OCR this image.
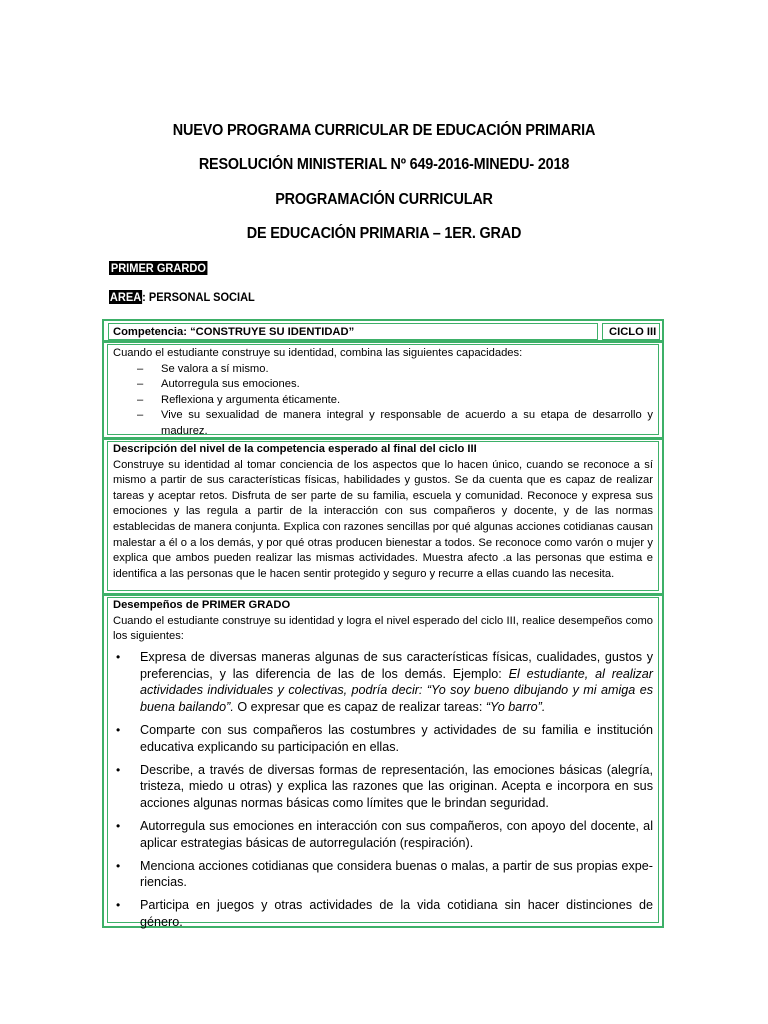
NUEVO PROGRAMA CURRICULAR DE EDUCACIÓN PRIMARIA
RESOLUCIÓN MINISTERIAL Nº 649-2016-MINEDU- 2018
PROGRAMACIÓN CURRICULAR
DE EDUCACIÓN PRIMARIA – 1ER. GRAD
PRIMER GRARDO
AREA: PERSONAL SOCIAL
Competencia: “CONSTRUYE SU IDENTIDAD”	CICLO III
Cuando el estudiante construye su identidad, combina las siguientes capacidades:
– Se valora a sí mismo.
– Autorregula sus emociones.
– Reflexiona y argumenta éticamente.
– Vive su sexualidad de manera integral y responsable de acuerdo a su etapa de desarrollo y madurez.
Descripción del nivel de la competencia esperado al final del ciclo III
Construye su identidad al tomar conciencia de los aspectos que lo hacen único, cuando se reconoce a sí mismo a partir de sus características físicas, habilidades y gustos. Se da cuenta que es capaz de realizar tareas y aceptar retos. Disfruta de ser parte de su familia, escuela y comunidad. Reconoce y expresa sus emociones y las regula a partir de la interacción con sus compañeros y docente, y de las normas establecidas de manera conjunta. Explica con razones sencillas por qué algunas acciones cotidianas causan malestar a él o a los demás, y por qué otras producen bienestar a todos. Se reconoce como varón o mujer y explica que ambos pueden realizar las mismas actividades. Muestra afecto .a las personas que estima e identifica a las personas que le hacen sentir protegido y seguro y recurre a ellas cuando las necesita.
Desempeños de PRIMER GRADO
Cuando el estudiante construye su identidad y logra el nivel esperado del ciclo III, realice desempeños como los siguientes:
• Expresa de diversas maneras algunas de sus características físicas, cualidades, gustos y preferencias, y las diferencia de las de los demás. Ejemplo: El estudiante, al realizar actividades individuales y colectivas, podría decir: “Yo soy bueno dibujando y mi amiga es buena bailando”. O expresar que es capaz de realizar tareas: “Yo barro”.
• Comparte con sus compañeros las costumbres y actividades de su familia e institución educativa explicando su participación en ellas.
• Describe, a través de diversas formas de representación, las emociones básicas (alegría, tristeza, miedo u otras) y explica las razones que las originan. Acepta e incorpora en sus acciones algunas normas básicas como límites que le brindan seguridad.
• Autorregula sus emociones en interacción con sus compañeros, con apoyo del docente, al aplicar estrategias básicas de autorregulación (respiración).
• Menciona acciones cotidianas que considera buenas o malas, a partir de sus propias expe-riencias.
• Participa en juegos y otras actividades de la vida cotidiana sin hacer distinciones de género.
